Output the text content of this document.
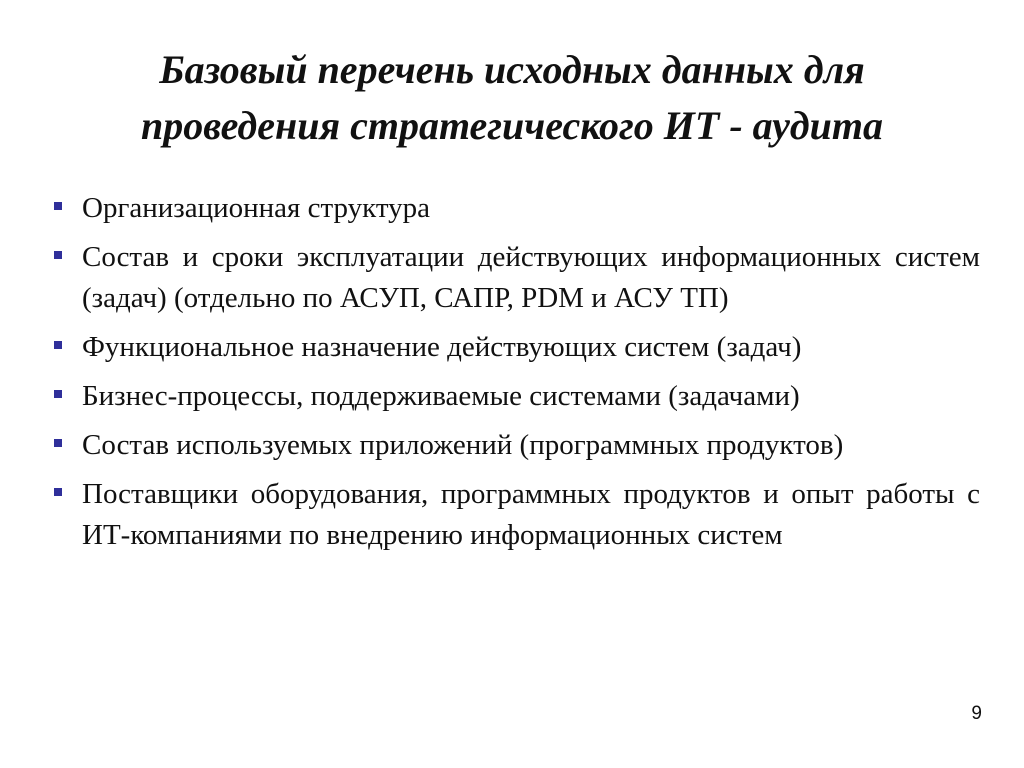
Базовый перечень исходных данных для проведения стратегического ИТ - аудита
Организационная структура
Состав и сроки эксплуатации действующих информационных систем (задач) (отдельно по АСУП, САПР, PDM и АСУ ТП)
Функциональное назначение действующих систем (задач)
Бизнес-процессы, поддерживаемые системами (задачами)
Состав используемых приложений (программных продуктов)
Поставщики оборудования, программных продуктов и опыт работы с ИТ-компаниями по внедрению информационных систем
9
